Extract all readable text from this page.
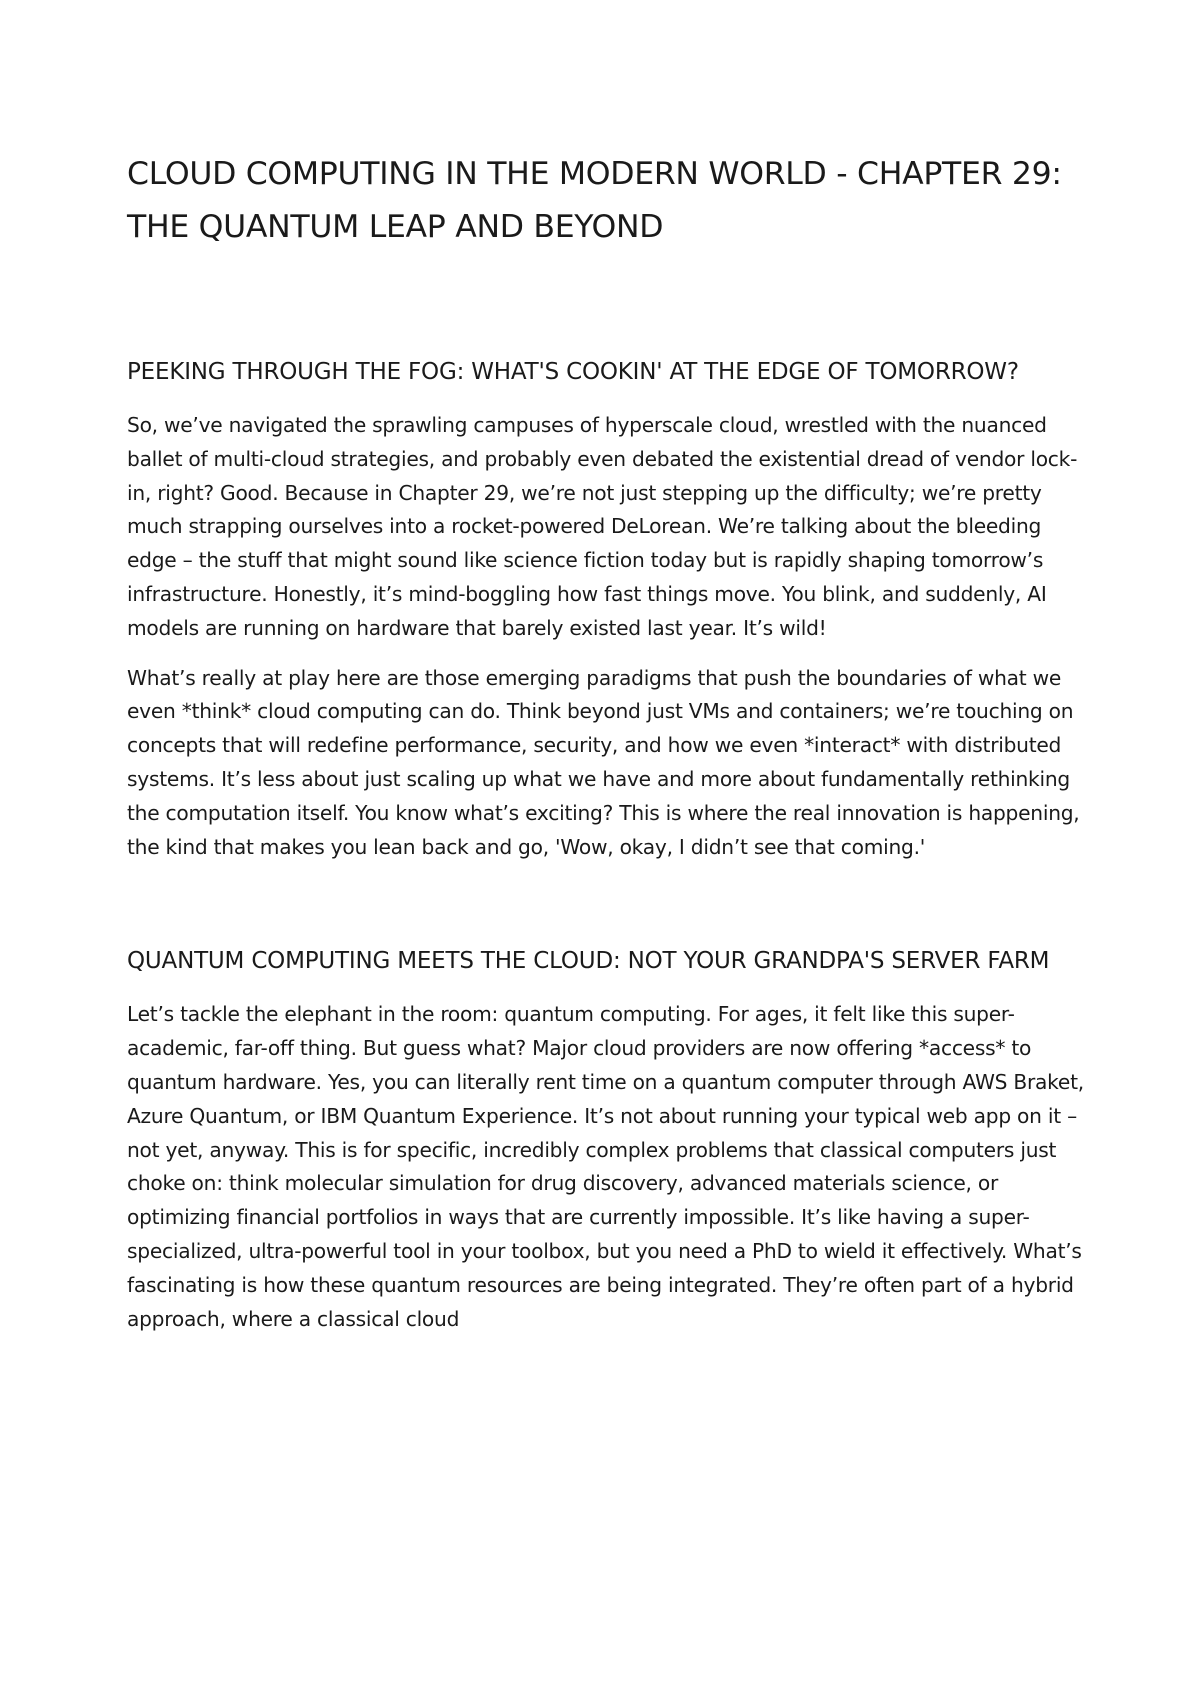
CLOUD COMPUTING IN THE MODERN WORLD - CHAPTER 29: THE QUANTUM LEAP AND BEYOND
PEEKING THROUGH THE FOG: WHAT'S COOKIN' AT THE EDGE OF TOMORROW?

So, we’ve navigated the sprawling campuses of hyperscale cloud, wrestled with the nuanced ballet of multi-cloud strategies, and probably even debated the existential dread of vendor lock-in, right? Good. Because in Chapter 29, we’re not just stepping up the difficulty; we’re pretty much strapping ourselves into a rocket-powered DeLorean. We’re talking about the bleeding edge – the stuff that might sound like science fiction today but is rapidly shaping tomorrow’s infrastructure. Honestly, it’s mind-boggling how fast things move. You blink, and suddenly, AI models are running on hardware that barely existed last year. It’s wild!

What’s really at play here are those emerging paradigms that push the boundaries of what we even *think* cloud computing can do. Think beyond just VMs and containers; we’re touching on concepts that will redefine performance, security, and how we even *interact* with distributed systems. It’s less about just scaling up what we have and more about fundamentally rethinking the computation itself. You know what’s exciting? This is where the real innovation is happening, the kind that makes you lean back and go, 'Wow, okay, I didn’t see that coming.'

QUANTUM COMPUTING MEETS THE CLOUD: NOT YOUR GRANDPA'S SERVER FARM

Let’s tackle the elephant in the room: quantum computing. For ages, it felt like this super-academic, far-off thing. But guess what? Major cloud providers are now offering *access* to quantum hardware. Yes, you can literally rent time on a quantum computer through AWS Braket, Azure Quantum, or IBM Quantum Experience. It’s not about running your typical web app on it – not yet, anyway. This is for specific, incredibly complex problems that classical computers just choke on: think molecular simulation for drug discovery, advanced materials science, or optimizing financial portfolios in ways that are currently impossible. It’s like having a super-specialized, ultra-powerful tool in your toolbox, but you need a PhD to wield it effectively. What’s fascinating is how these quantum resources are being integrated. They’re often part of a hybrid approach, where a classical cloud
